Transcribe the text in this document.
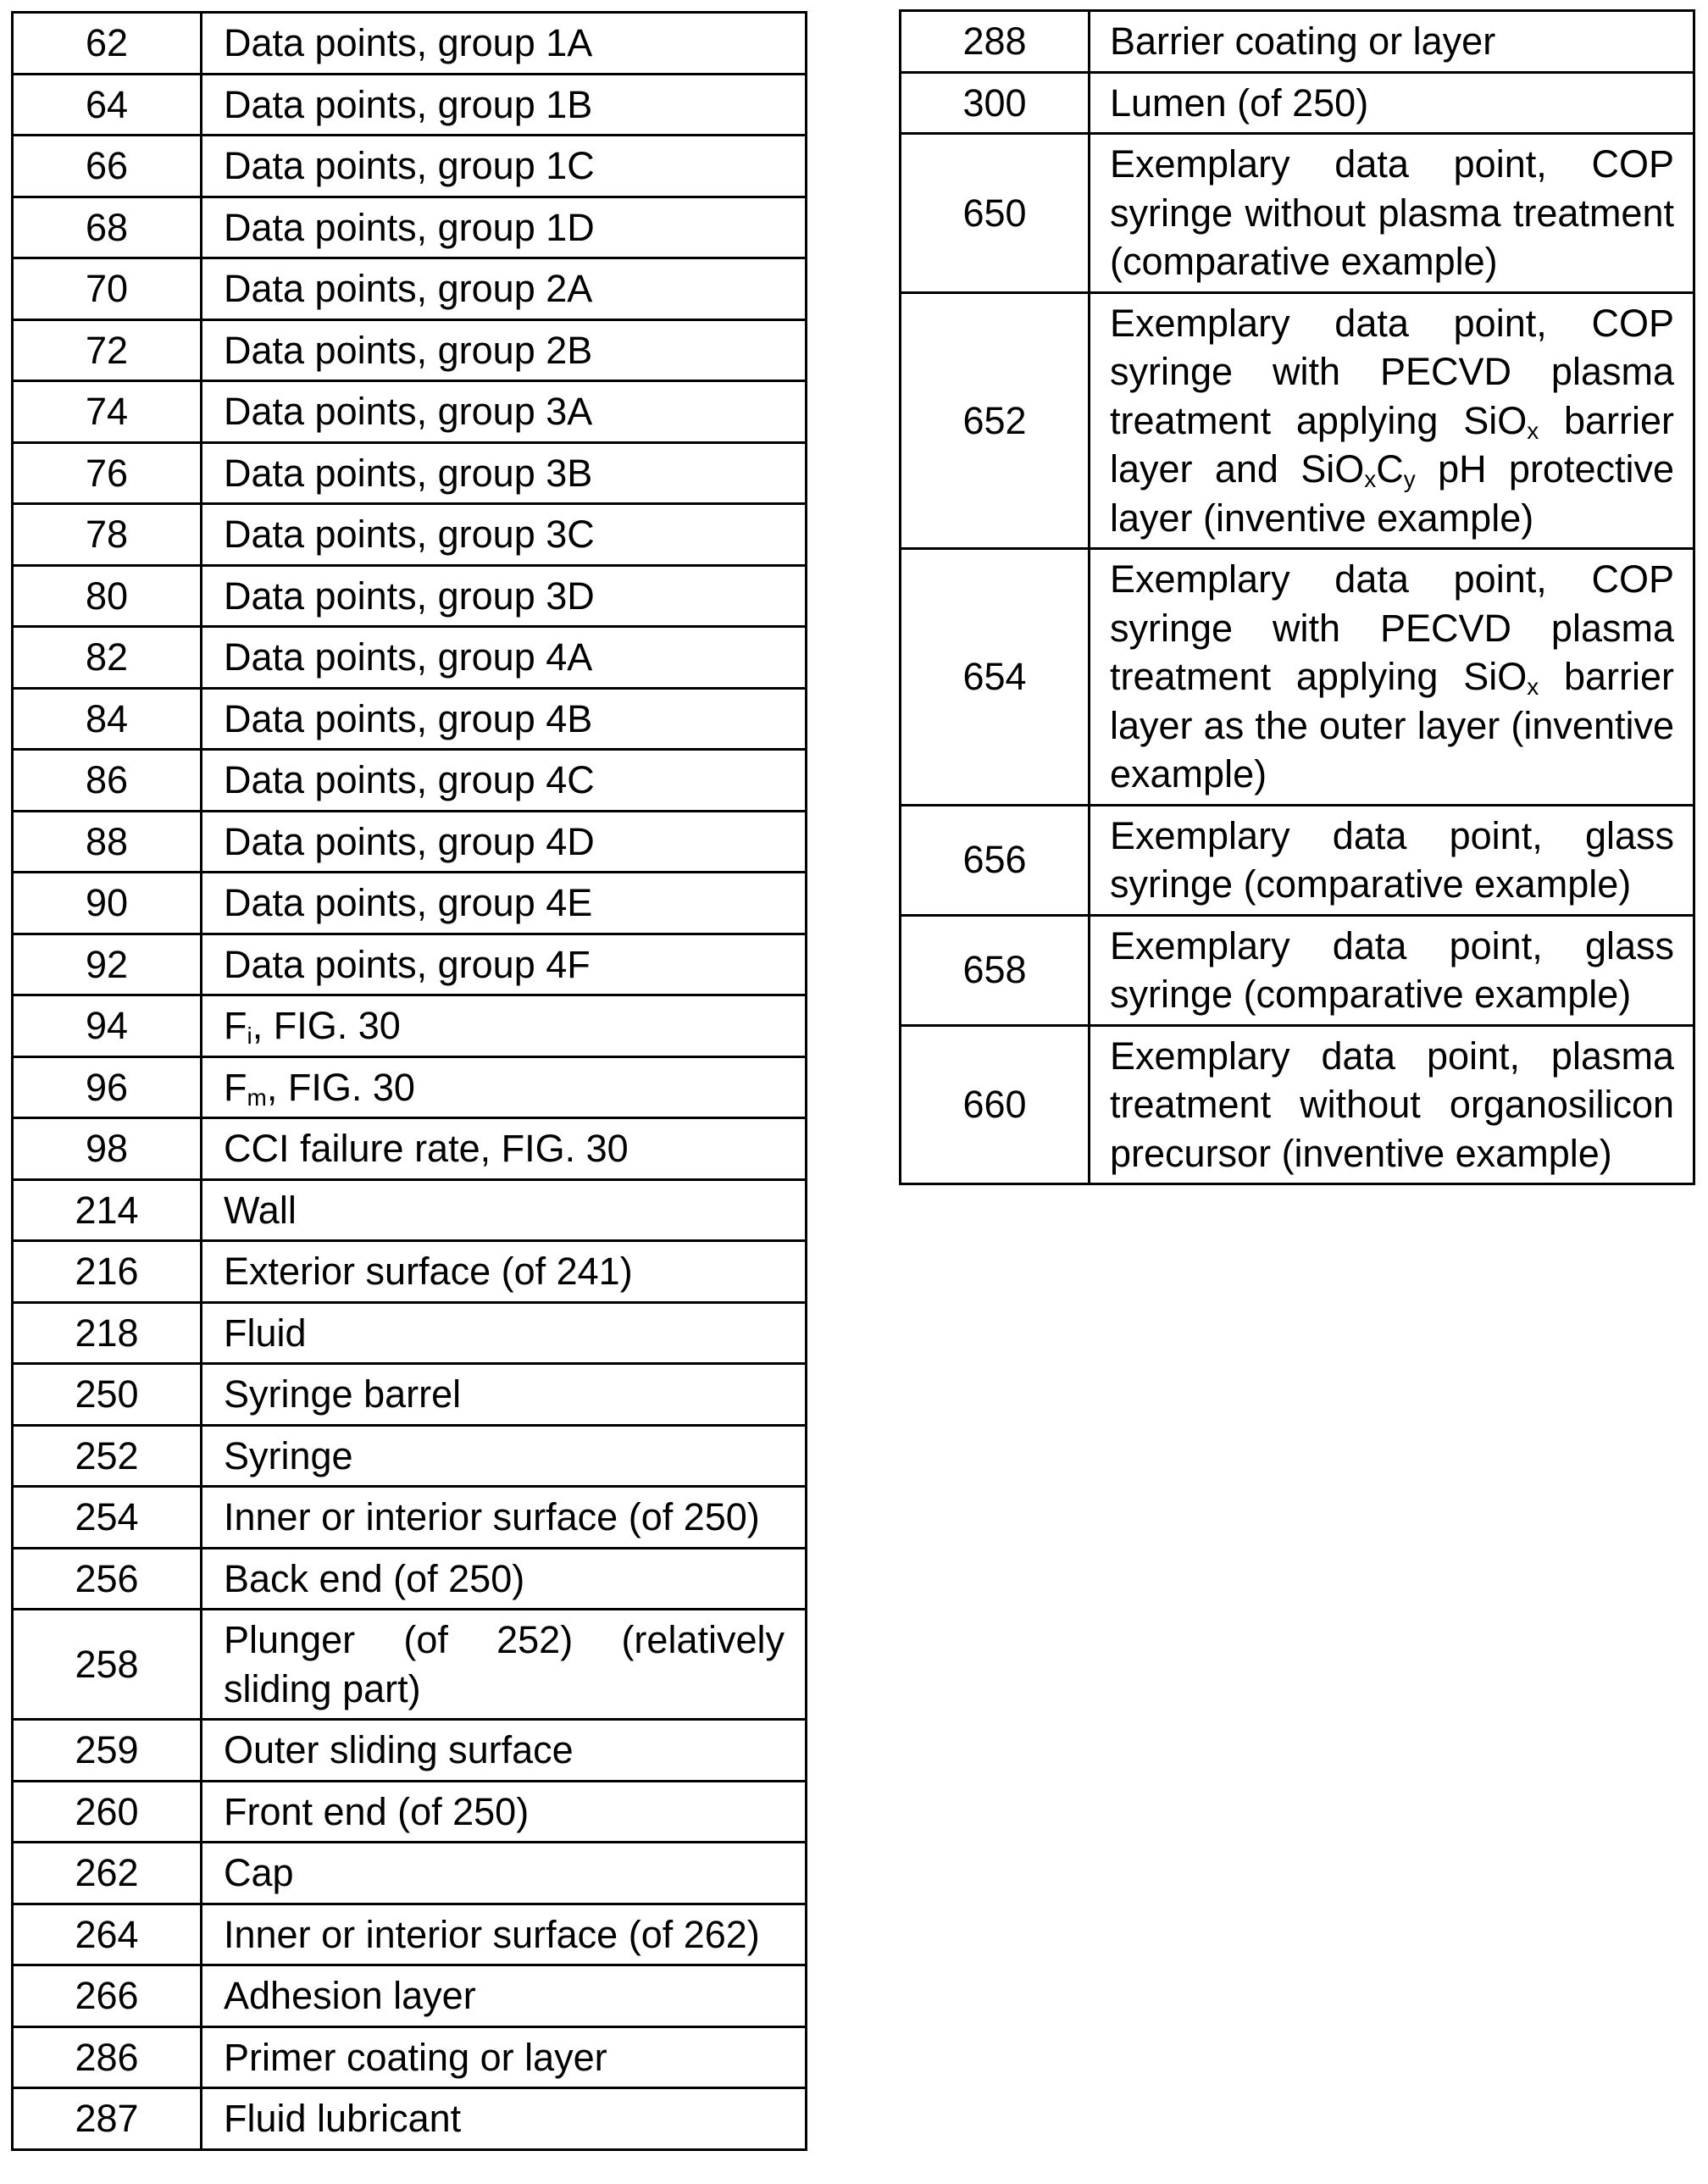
62	Data points, group 1A
64	Data points, group 1B
66	Data points, group 1C
68	Data points, group 1D
70	Data points, group 2A
72	Data points, group 2B
74	Data points, group 3A
76	Data points, group 3B
78	Data points, group 3C
80	Data points, group 3D
82	Data points, group 4A
84	Data points, group 4B
86	Data points, group 4C
88	Data points, group 4D
90	Data points, group 4E
92	Data points, group 4F
94	Fi, FIG. 30
96	Fm, FIG. 30
98	CCI failure rate, FIG. 30
214	Wall
216	Exterior surface (of 241)
218	Fluid
250	Syringe barrel
252	Syringe
254	Inner or interior surface (of 250)
256	Back end (of 250)
258	Plunger (of 252) (relatively sliding part)
259	Outer sliding surface
260	Front end (of 250)
262	Cap
264	Inner or interior surface (of 262)
266	Adhesion layer
286	Primer coating or layer
287	Fluid lubricant
288	Barrier coating or layer
300	Lumen (of 250)
650	Exemplary data point, COP syringe without plasma treatment (comparative example)
652	Exemplary data point, COP syringe with PECVD plasma treatment applying SiOx barrier layer and SiOxCy pH protective layer (inventive example)
654	Exemplary data point, COP syringe with PECVD plasma treatment applying SiOx barrier layer as the outer layer (inventive example)
656	Exemplary data point, glass syringe (comparative example)
658	Exemplary data point, glass syringe (comparative example)
660	Exemplary data point, plasma treatment without organosilicon precursor (inventive example)
